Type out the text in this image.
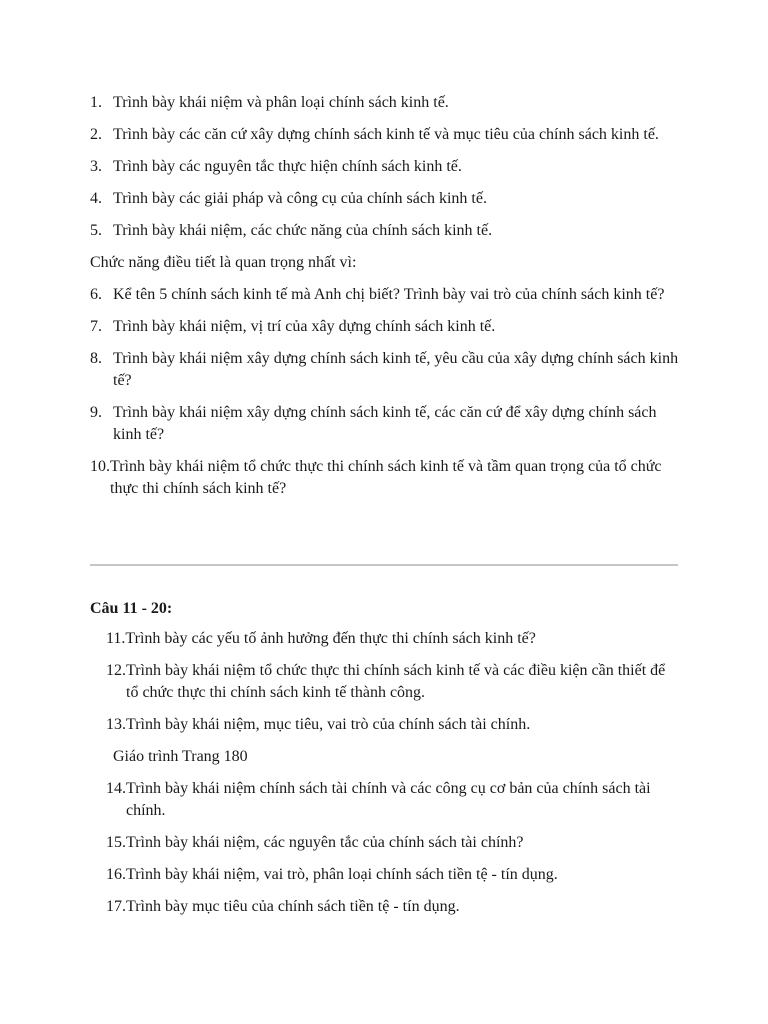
1. Trình bày khái niệm và phân loại chính sách kinh tế.
2. Trình bày các căn cứ xây dựng chính sách kinh tế và mục tiêu của chính sách kinh tế.
3. Trình bày các nguyên tắc thực hiện chính sách kinh tế.
4. Trình bày các giải pháp và công cụ của chính sách kinh tế.
5. Trình bày khái niệm, các chức năng của chính sách kinh tế.
Chức năng điều tiết là quan trọng nhất vì:
6. Kể tên 5 chính sách kinh tế mà Anh chị biết? Trình bày vai trò của chính sách kinh tế?
7. Trình bày khái niệm, vị trí của xây dựng chính sách kinh tế.
8. Trình bày khái niệm xây dựng chính sách kinh tế, yêu cầu của xây dựng chính sách kinh tế?
9. Trình bày khái niệm xây dựng chính sách kinh tế, các căn cứ để xây dựng chính sách kinh tế?
10. Trình bày khái niệm tổ chức thực thi chính sách kinh tế và tầm quan trọng của tổ chức thực thi chính sách kinh tế?
Câu 11 - 20:
11. Trình bày các yếu tố ảnh hưởng đến thực thi chính sách kinh tế?
12. Trình bày khái niệm tổ chức thực thi chính sách kinh tế và các điều kiện cần thiết để tổ chức thực thi chính sách kinh tế thành công.
13. Trình bày khái niệm, mục tiêu, vai trò của chính sách tài chính.
Giáo trình Trang 180
14. Trình bày khái niệm chính sách tài chính và các công cụ cơ bản của chính sách tài chính.
15. Trình bày khái niệm, các nguyên tắc của chính sách tài chính?
16. Trình bày khái niệm, vai trò, phân loại chính sách tiền tệ - tín dụng.
17. Trình bày mục tiêu của chính sách tiền tệ - tín dụng.
